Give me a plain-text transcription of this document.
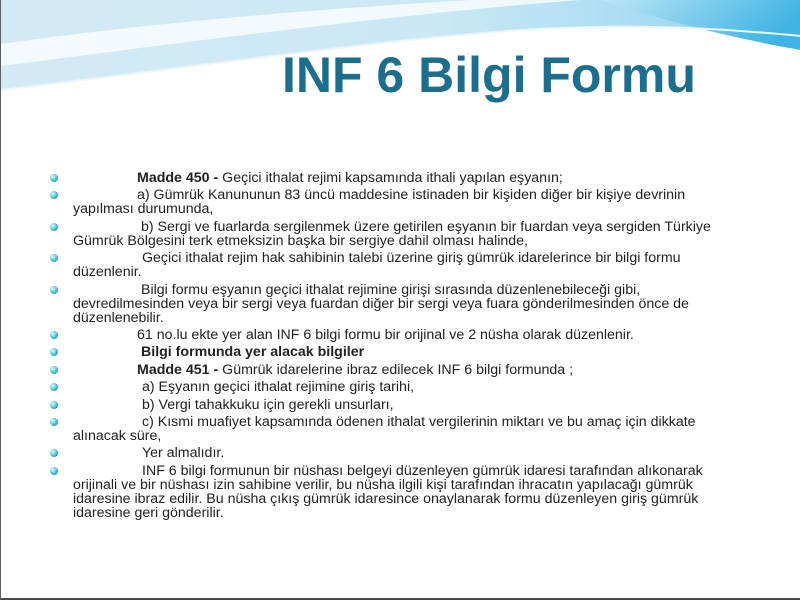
INF 6 Bilgi Formu
Madde 450 - Geçici ithalat rejimi kapsamında ithali yapılan eşyanın;
a) Gümrük Kanununun 83 üncü maddesine istinaden bir kişiden diğer bir kişiye devrinin
yapılması durumunda,
b) Sergi ve fuarlarda sergilenmek üzere getirilen eşyanın bir fuardan veya sergiden Türkiye
Gümrük Bölgesini terk etmeksizin başka bir sergiye dahil olması halinde,
Geçici ithalat rejim hak sahibinin talebi üzerine giriş gümrük idarelerince bir bilgi formu
düzenlenir.
Bilgi formu eşyanın geçici ithalat rejimine girişi sırasında düzenlenebileceği gibi,
devredilmesinden veya bir sergi veya fuardan diğer bir sergi veya fuara gönderilmesinden önce de
düzenlenebilir.
61 no.lu ekte yer alan INF 6 bilgi formu bir orijinal ve 2 nüsha olarak düzenlenir.
Bilgi formunda yer alacak bilgiler
Madde 451 - Gümrük idarelerine ibraz edilecek INF 6 bilgi formunda ;
a) Eşyanın geçici ithalat rejimine giriş tarihi,
b) Vergi tahakkuku için gerekli unsurları,
c) Kısmi muafiyet kapsamında ödenen ithalat vergilerinin miktarı ve bu amaç için dikkate
alınacak süre,
Yer almalıdır.
INF 6 bilgi formunun bir nüshası belgeyi düzenleyen gümrük idaresi tarafından alıkonarak
orijinali ve bir nüshası izin sahibine verilir, bu nüsha ilgili kişi tarafından ihracatın yapılacağı gümrük
idaresine ibraz edilir. Bu nüsha çıkış gümrük idaresince onaylanarak formu düzenleyen giriş gümrük
idaresine geri gönderilir.
